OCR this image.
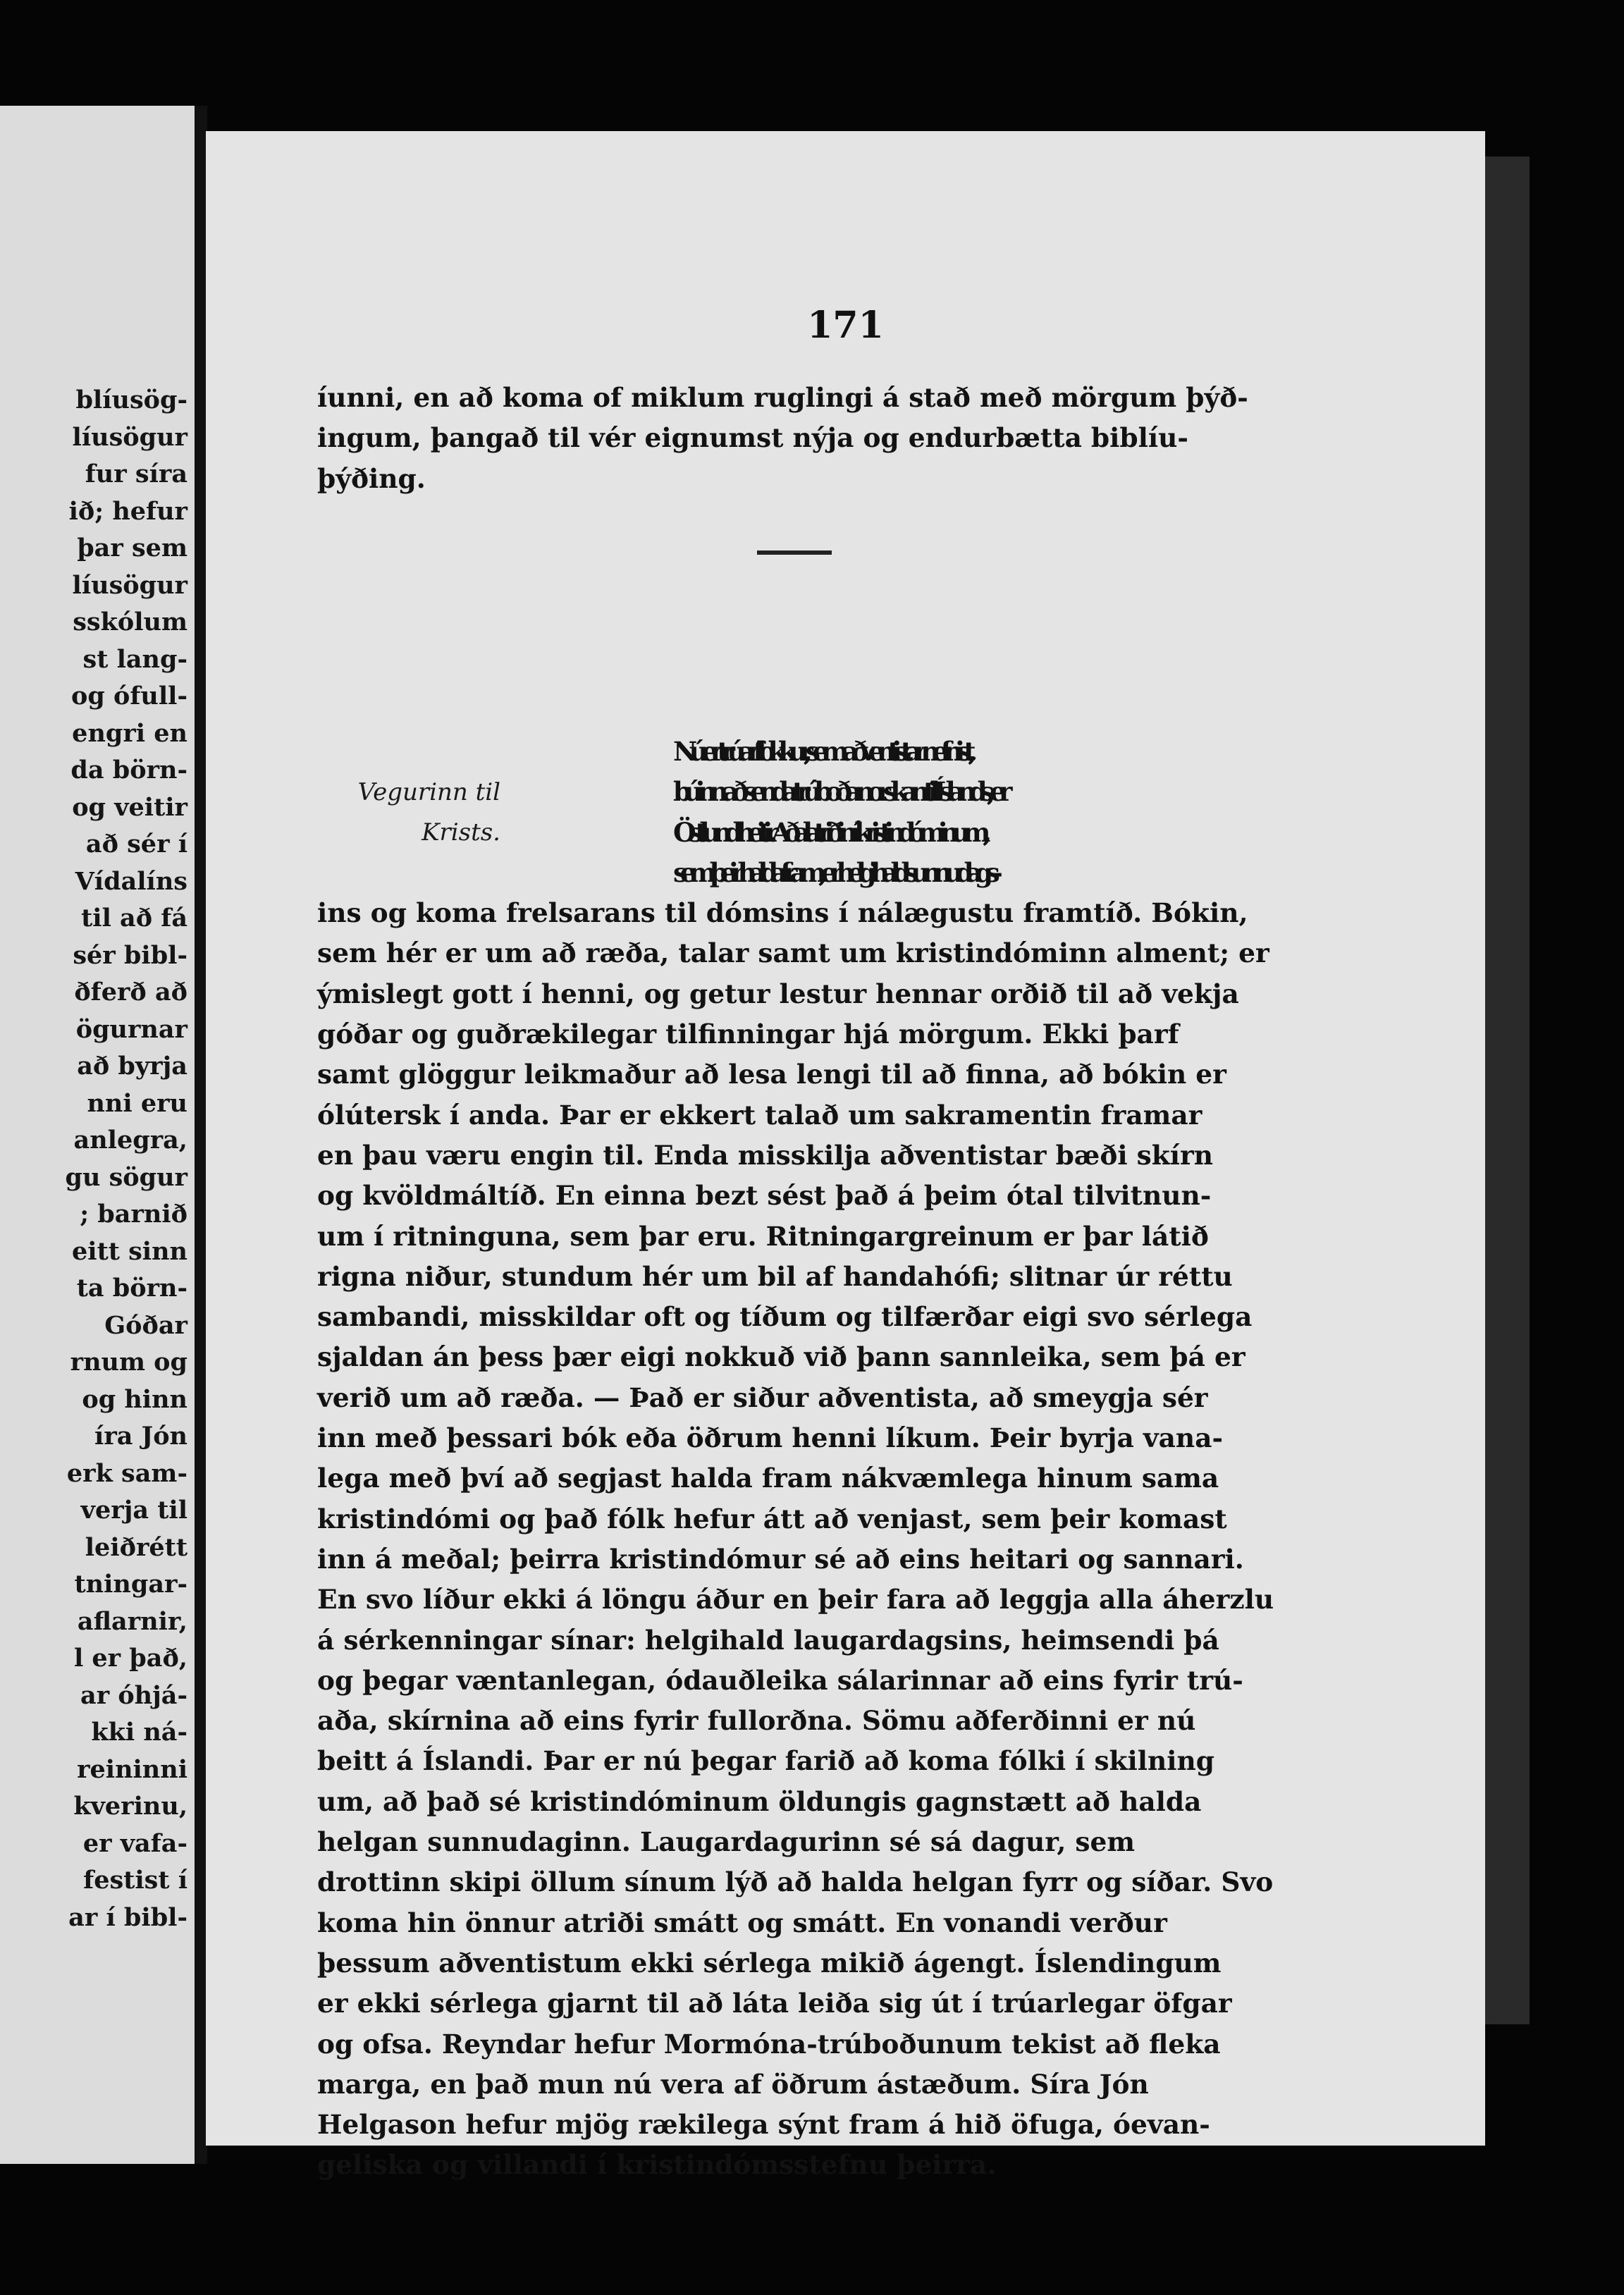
blíusög-
líusögur
fur síra
ið; hefur
þar sem
líusögur
sskólum
st lang-
og ófull-
engri en
da börn-
og veitir
að sér í
Vídalíns
til að fá
sér bibl-
ðferð að
ögurnar
að byrja
nni eru
anlegra,
gu sögur
; barnið
eitt sinn
ta börn-
Góðar
rnum og
og hinn
íra Jón
erk sam-
verja til
leiðrétt
tningar-
aflarnir,
l er það,
ar óhjá-
kki ná-
reininni
kverinu,
er vafa-
festist í
ar í bibl-
171
íunni, en að koma of miklum ruglingi á stað með mörgum þýð-
ingum, þangað til vér eignumst nýja og endurbætta biblíu-
þýðing.
Vegurinn til
Krists.
Nú er trúarflokkur, sem aðventistar nefnist,
búinn að senda trúboða norskan til Íslands, er
Östlund heitir. Aðalatriðin í kristindóminum,
sem þeir halda fram, er helgihald sunnudags-
ins og koma frelsarans til dómsins í nálægustu framtíð. Bókin,
sem hér er um að ræða, talar samt um kristindóminn alment; er
ýmislegt gott í henni, og getur lestur hennar orðið til að vekja
góðar og guðrækilegar tilfinningar hjá mörgum. Ekki þarf
samt glöggur leikmaður að lesa lengi til að finna, að bókin er
ólútersk í anda. Þar er ekkert talað um sakramentin framar
en þau væru engin til. Enda misskilja aðventistar bæði skírn
og kvöldmáltíð. En einna bezt sést það á þeim ótal tilvitnun-
um í ritninguna, sem þar eru. Ritningargreinum er þar látið
rigna niður, stundum hér um bil af handahófi; slitnar úr réttu
sambandi, misskildar oft og tíðum og tilfærðar eigi svo sérlega
sjaldan án þess þær eigi nokkuð við þann sannleika, sem þá er
verið um að ræða. — Það er siður aðventista, að smeygja sér
inn með þessari bók eða öðrum henni líkum. Þeir byrja vana-
lega með því að segjast halda fram nákvæmlega hinum sama
kristindómi og það fólk hefur átt að venjast, sem þeir komast
inn á meðal; þeirra kristindómur sé að eins heitari og sannari.
En svo líður ekki á löngu áður en þeir fara að leggja alla áherzlu
á sérkenningar sínar: helgihald laugardagsins, heimsendi þá
og þegar væntanlegan, ódauðleika sálarinnar að eins fyrir trú-
aða, skírnina að eins fyrir fullorðna. Sömu aðferðinni er nú
beitt á Íslandi. Þar er nú þegar farið að koma fólki í skilning
um, að það sé kristindóminum öldungis gagnstætt að halda
helgan sunnudaginn. Laugardagurinn sé sá dagur, sem
drottinn skipi öllum sínum lýð að halda helgan fyrr og síðar. Svo
koma hin önnur atriði smátt og smátt. En vonandi verður
þessum aðventistum ekki sérlega mikið ágengt. Íslendingum
er ekki sérlega gjarnt til að láta leiða sig út í trúarlegar öfgar
og ofsa. Reyndar hefur Mormóna-trúboðunum tekist að fleka
marga, en það mun nú vera af öðrum ástæðum. Síra Jón
Helgason hefur mjög rækilega sýnt fram á hið öfuga, óevan-
geliska og villandi í kristindómsstefnu þeirra.
